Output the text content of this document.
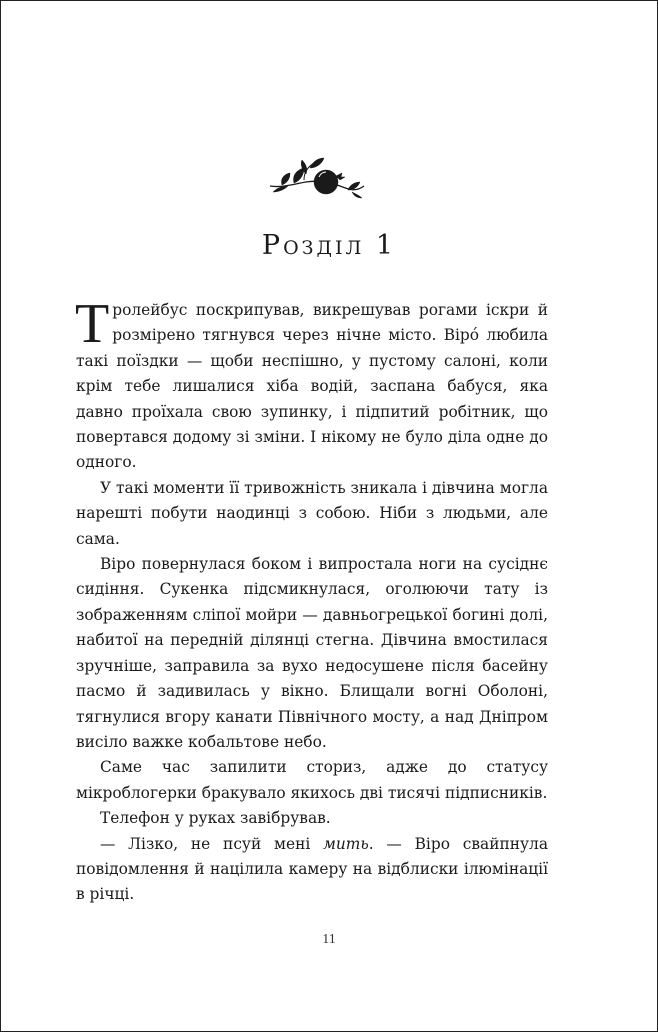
Розділ 1

Тролейбус поскрипував, викрешував рогами іскри й розмірено тягнувся через нічне місто. Віро́ любила такі поїздки — щоби неспішно, у пустому салоні, коли крім тебе лишалися хіба водій, заспана бабуся, яка давно проїхала свою зупинку, і підпитий робітник, що повертався додому зі зміни. І нікому не було діла одне до одного.

У такі моменти її тривожність зникала і дівчина могла нарешті побути наодинці з собою. Ніби з людьми, але сама.

Віро повернулася боком і випростала ноги на сусіднє сидіння. Сукенка підсмикнулася, оголюючи тату із зображенням сліпої мойри — давньогрецької богині долі, набитої на передній ділянці стегна. Дівчина вмостилася зручніше, заправила за вухо недосушене після басейну пасмо й задивилась у вікно. Блищали вогні Оболоні, тягнулися вгору канати Північного мосту, а над Дніпром висіло важке кобальтове небо.

Саме час запилити сториз, адже до статусу мікроблогерки бракувало якихось дві тисячі підписників.

Телефон у руках завібрував.

— Лізко, не псуй мені мить. — Віро свайпнула повідомлення й націлила камеру на відблиски ілюмінації в річці.

11
